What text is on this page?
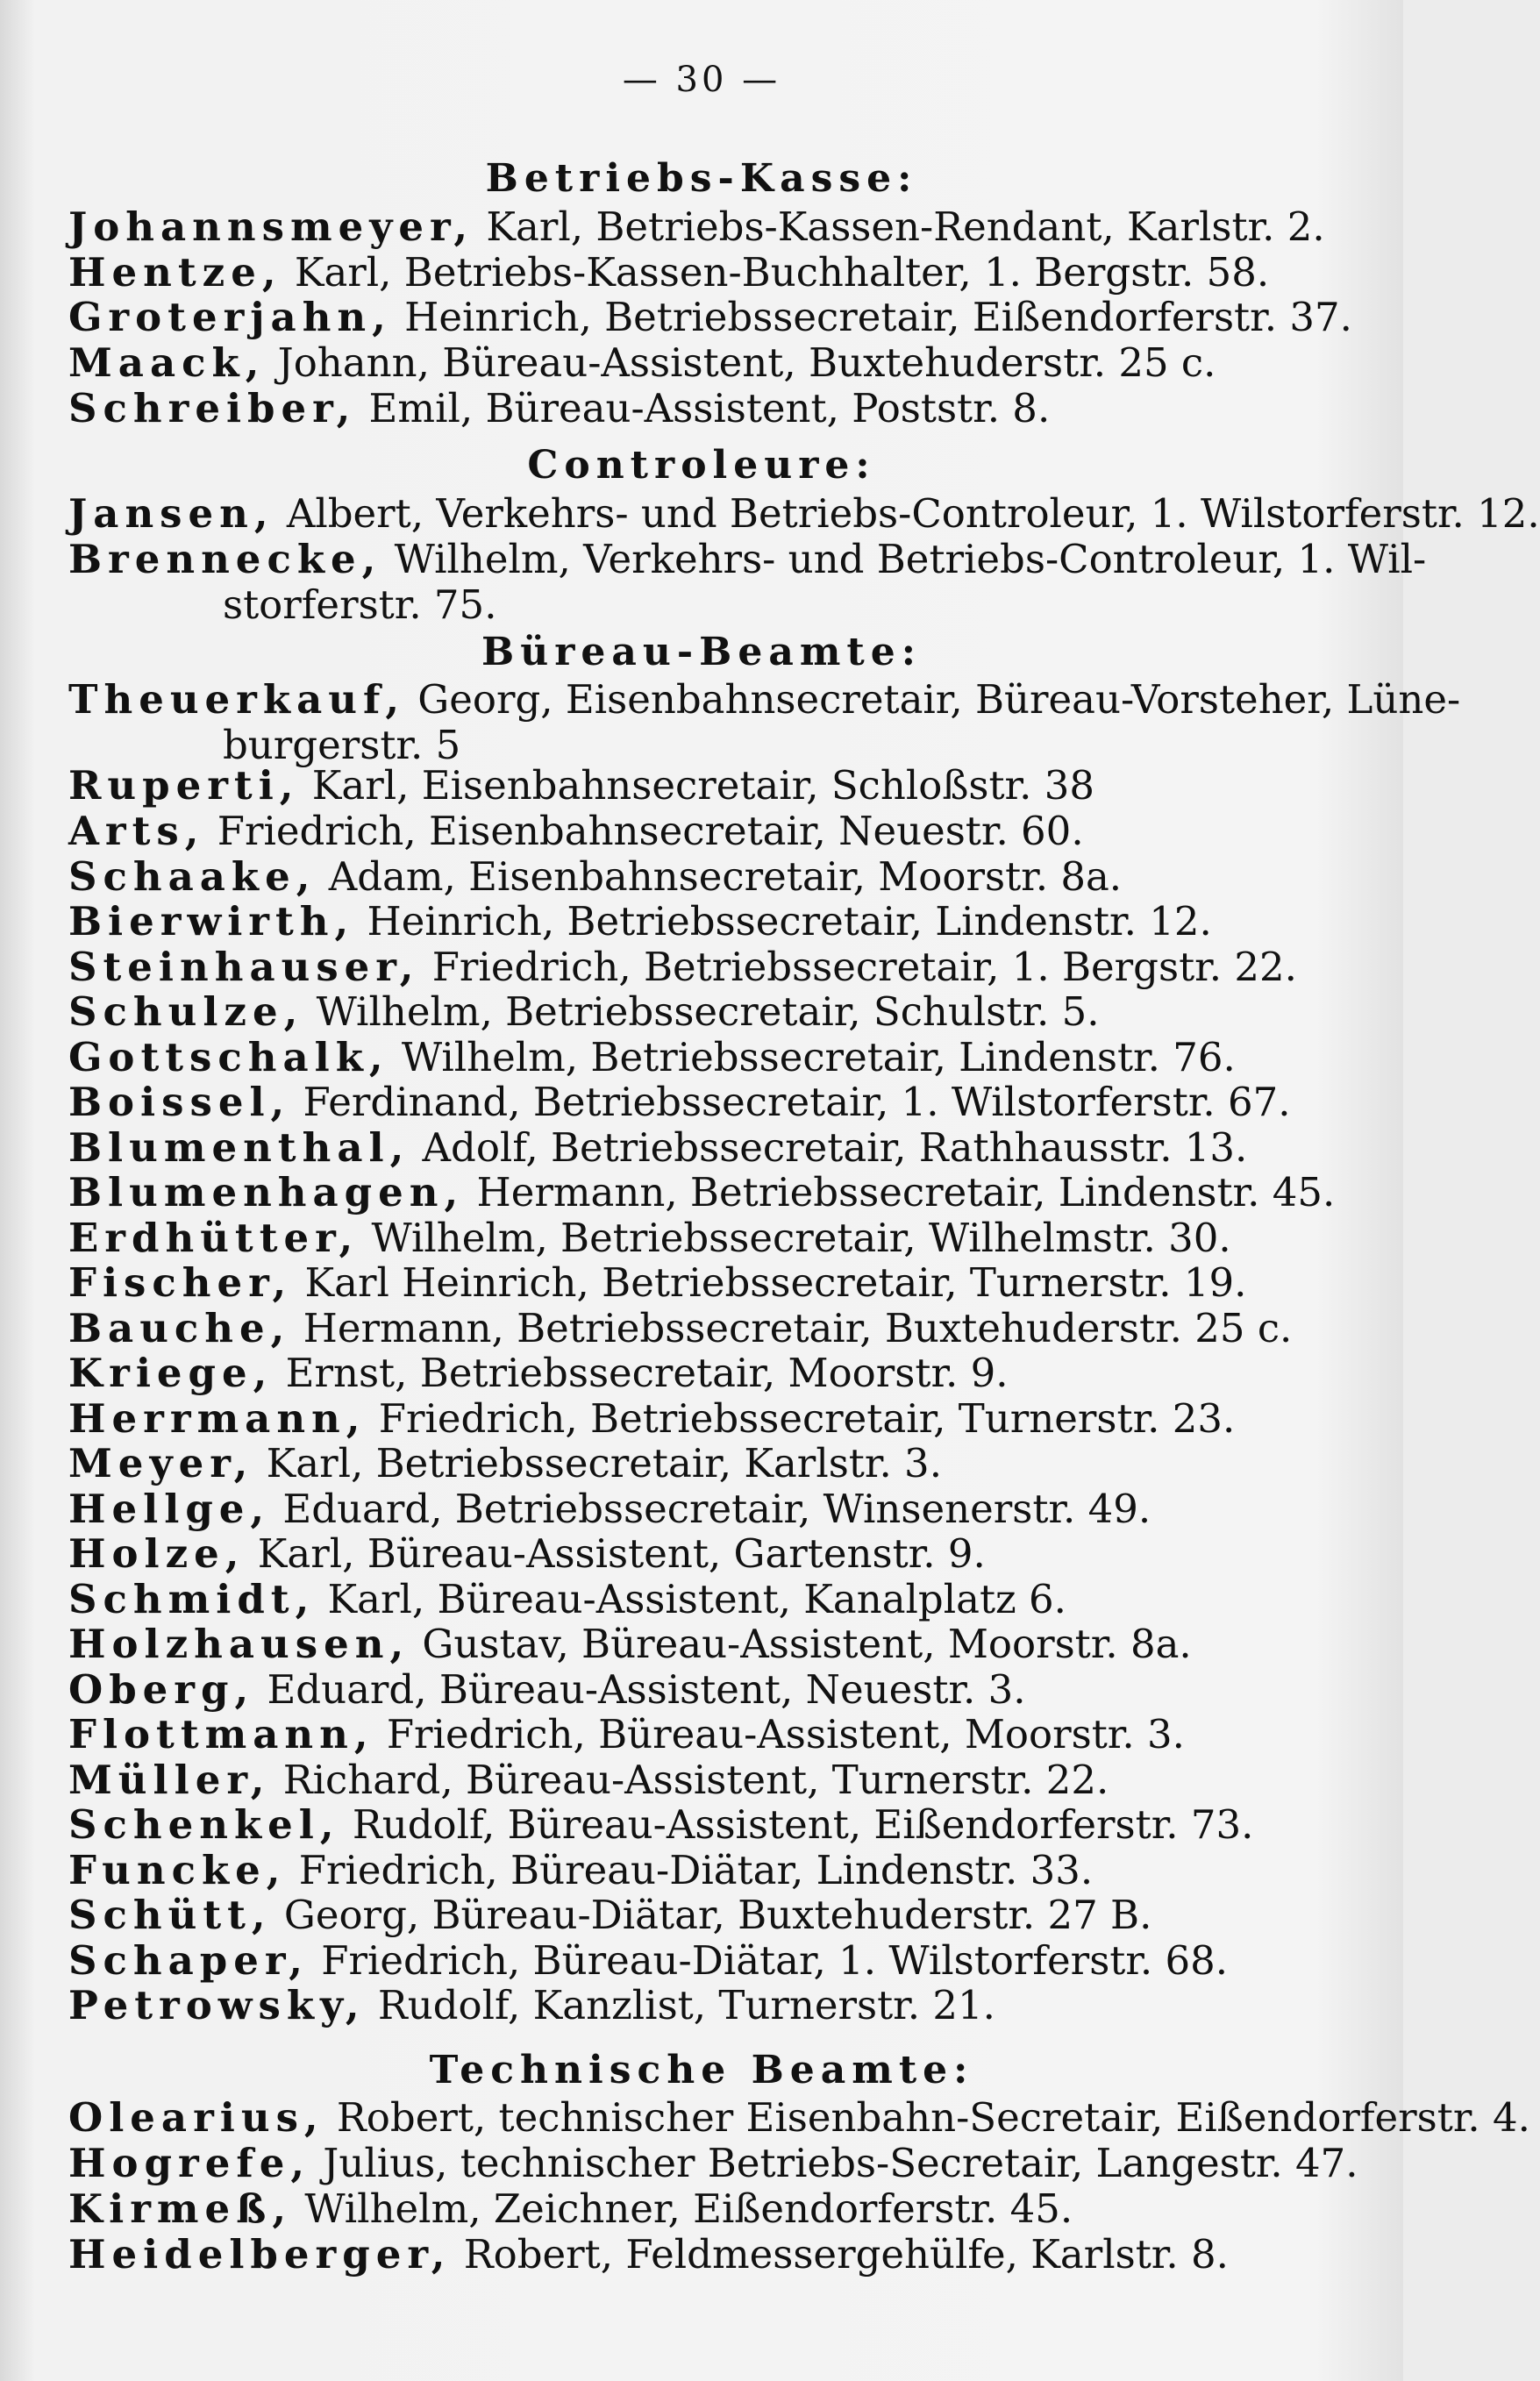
— 30 —
Betriebs-Kasse:
Johannsmeyer, Karl, Betriebs-Kassen-Rendant, Karlstr. 2.
Hentze, Karl, Betriebs-Kassen-Buchhalter, 1. Bergstr. 58.
Groterjahn, Heinrich, Betriebssecretair, Eißendorferstr. 37.
Maack, Johann, Büreau-Assistent, Buxtehuderstr. 25 c.
Schreiber, Emil, Büreau-Assistent, Poststr. 8.
Controleure:
Jansen, Albert, Verkehrs- und Betriebs-Controleur, 1. Wilstorferstr. 12.
Brennecke, Wilhelm, Verkehrs- und Betriebs-Controleur, 1. Wil-
storferstr. 75.
Büreau-Beamte:
Theuerkauf, Georg, Eisenbahnsecretair, Büreau-Vorsteher, Lüne-
burgerstr. 5
Ruperti, Karl, Eisenbahnsecretair, Schloßstr. 38
Arts, Friedrich, Eisenbahnsecretair, Neuestr. 60.
Schaake, Adam, Eisenbahnsecretair, Moorstr. 8a.
Bierwirth, Heinrich, Betriebssecretair, Lindenstr. 12.
Steinhauser, Friedrich, Betriebssecretair, 1. Bergstr. 22.
Schulze, Wilhelm, Betriebssecretair, Schulstr. 5.
Gottschalk, Wilhelm, Betriebssecretair, Lindenstr. 76.
Boissel, Ferdinand, Betriebssecretair, 1. Wilstorferstr. 67.
Blumenthal, Adolf, Betriebssecretair, Rathhausstr. 13.
Blumenhagen, Hermann, Betriebssecretair, Lindenstr. 45.
Erdhütter, Wilhelm, Betriebssecretair, Wilhelmstr. 30.
Fischer, Karl Heinrich, Betriebssecretair, Turnerstr. 19.
Bauche, Hermann, Betriebssecretair, Buxtehuderstr. 25 c.
Kriege, Ernst, Betriebssecretair, Moorstr. 9.
Herrmann, Friedrich, Betriebssecretair, Turnerstr. 23.
Meyer, Karl, Betriebssecretair, Karlstr. 3.
Hellge, Eduard, Betriebssecretair, Winsenerstr. 49.
Holze, Karl, Büreau-Assistent, Gartenstr. 9.
Schmidt, Karl, Büreau-Assistent, Kanalplatz 6.
Holzhausen, Gustav, Büreau-Assistent, Moorstr. 8a.
Oberg, Eduard, Büreau-Assistent, Neuestr. 3.
Flottmann, Friedrich, Büreau-Assistent, Moorstr. 3.
Müller, Richard, Büreau-Assistent, Turnerstr. 22.
Schenkel, Rudolf, Büreau-Assistent, Eißendorferstr. 73.
Funcke, Friedrich, Büreau-Diätar, Lindenstr. 33.
Schütt, Georg, Büreau-Diätar, Buxtehuderstr. 27 B.
Schaper, Friedrich, Büreau-Diätar, 1. Wilstorferstr. 68.
Petrowsky, Rudolf, Kanzlist, Turnerstr. 21.
Technische Beamte:
Olearius, Robert, technischer Eisenbahn-Secretair, Eißendorferstr. 4.
Hogrefe, Julius, technischer Betriebs-Secretair, Langestr. 47.
Kirmeß, Wilhelm, Zeichner, Eißendorferstr. 45.
Heidelberger, Robert, Feldmessergehülfe, Karlstr. 8.
